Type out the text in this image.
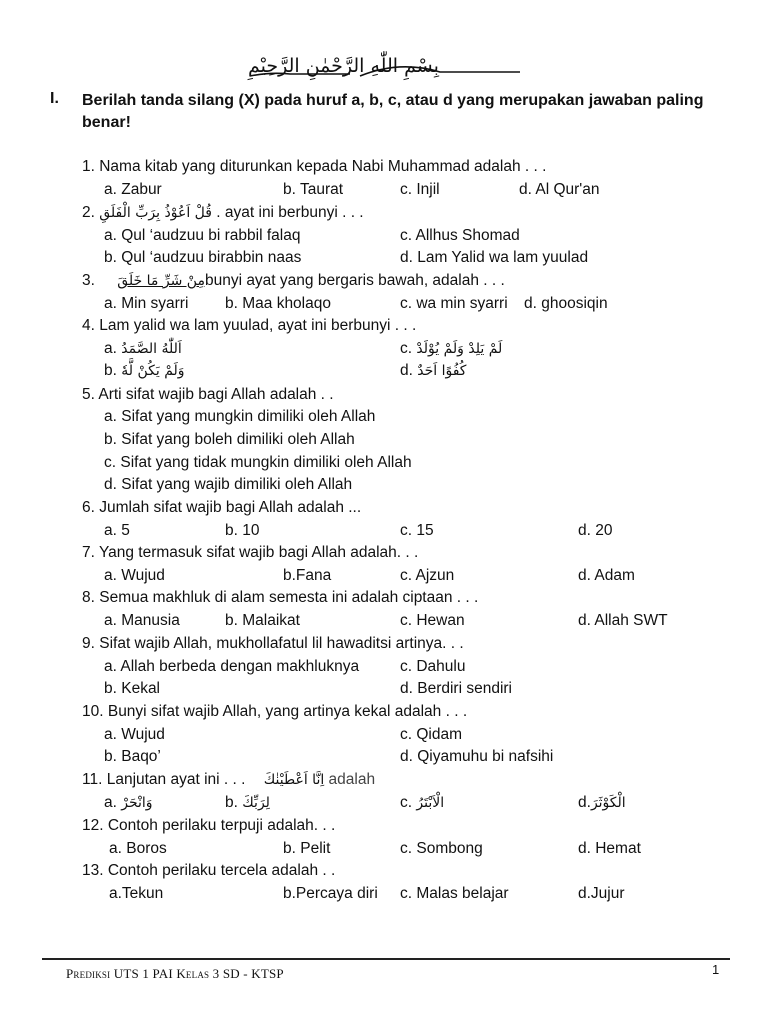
بِسْمِ اللّٰهِ الرَّحْمٰنِ الرَّحِيْمِ
I. Berilah tanda silang (X) pada huruf a, b, c, atau d yang merupakan jawaban paling benar!
1. Nama kitab yang diturunkan kepada Nabi Muhammad adalah . . .
a. Zabur	b. Taurat	c. Injil	d. Al Qur'an
2. قُلْ اَعُوْذُ بِرَبِّ الْفَلَقِ . ayat ini berbunyi . . .
a. Qul ‘audzuu bi rabbil falaq	c. Allhus Shomad
b. Qul ‘audzuu birabbin naas	d. Lam Yalid wa lam yuulad
3. مِنْ شَرِّ مَا خَلَقَbunyi ayat yang bergaris bawah, adalah . . .
a. Min syarri b. Maa kholaqo	c. wa min syarri d. ghoosiqin
4. Lam yalid wa lam yuulad, ayat ini berbunyi . . .
a. اَللّٰهُ الصَّمَدُ	c. لَمْ يَلِدْ وَلَمْ يُوْلَدْ
b. وَلَمْ يَكُنْ لَّهٗ	d. كُفُوًا اَحَدٌ
5. Arti sifat wajib bagi Allah adalah . .
a. Sifat yang mungkin dimiliki oleh Allah
b. Sifat yang boleh dimiliki oleh Allah
c. Sifat yang tidak mungkin dimiliki oleh Allah
d. Sifat yang wajib dimiliki oleh Allah
6. Jumlah sifat wajib bagi Allah adalah ...
a. 5	b. 10	c. 15	d. 20
7. Yang termasuk sifat wajib bagi Allah adalah. . .
a. Wujud	b.Fana	c. Ajzun	d. Adam
8. Semua makhluk di alam semesta ini adalah ciptaan . . .
a. Manusia	b. Malaikat	c. Hewan	d. Allah SWT
9. Sifat wajib Allah, mukhollafatul lil hawaditsi artinya. . .
a. Allah berbeda dengan makhluknya	c. Dahulu
b. Kekal	d. Berdiri sendiri
10. Bunyi sifat wajib Allah, yang artinya kekal adalah . . .
a. Wujud	c. Qidam
b. Baqo’	d. Qiyamuhu bi nafsihi
11. Lanjutan ayat ini . . . اِنَّا اَعْطَيْنٰكَ adalah
a. وَانْحَرْ	b. لِرَبِّكَ	c. الْاَبْتَرُ	d.الْكَوْثَرَ
12. Contoh perilaku terpuji adalah. . .
a. Boros	b. Pelit	c. Sombong	d. Hemat
13. Contoh perilaku tercela adalah . .
a.Tekun	b.Percaya diri c. Malas belajar	d.Jujur
Prediksi UTS 1 PAI Kelas 3 SD - KTSP	1
